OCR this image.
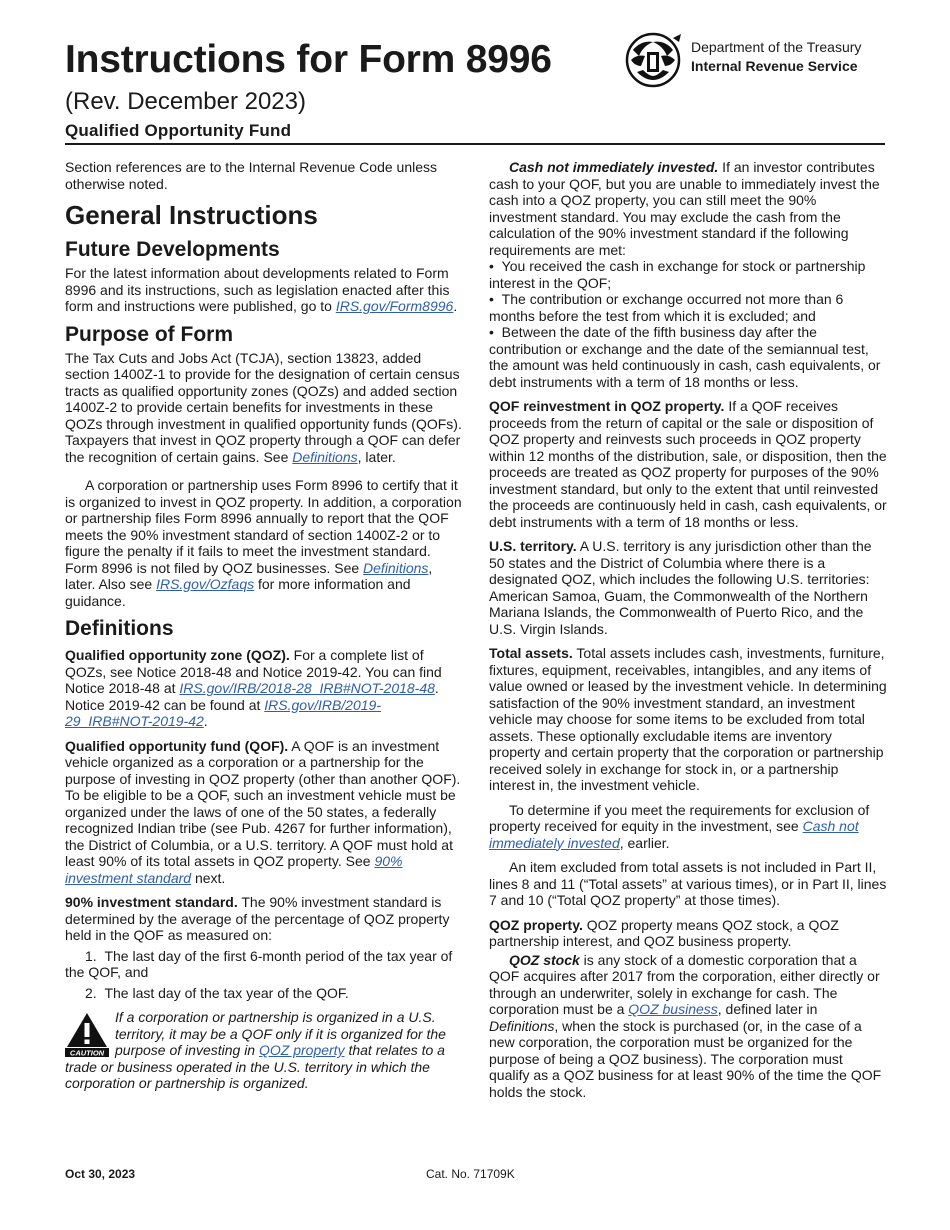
Instructions for Form 8996
(Rev. December 2023)
Qualified Opportunity Fund
Department of the Treasury
Internal Revenue Service

Section references are to the Internal Revenue Code unless otherwise noted.

General Instructions
Future Developments

For the latest information about developments related to Form 8996 and its instructions, such as legislation enacted after this form and instructions were published, go to IRS.gov/Form8996.

Purpose of Form

The Tax Cuts and Jobs Act (TCJA), section 13823, added section 1400Z-1 to provide for the designation of certain census tracts as qualified opportunity zones (QOZs) and added section 1400Z-2 to provide certain benefits for investments in these QOZs through investment in qualified opportunity funds (QOFs). Taxpayers that invest in QOZ property through a QOF can defer the recognition of certain gains. See Definitions, later.

A corporation or partnership uses Form 8996 to certify that it is organized to invest in QOZ property. In addition, a corporation or partnership files Form 8996 annually to report that the QOF meets the 90% investment standard of section 1400Z-2 or to figure the penalty if it fails to meet the investment standard. Form 8996 is not filed by QOZ businesses. See Definitions, later. Also see IRS.gov/Ozfaqs for more information and guidance.

Definitions

Qualified opportunity zone (QOZ). For a complete list of QOZs, see Notice 2018-48 and Notice 2019-42. You can find Notice 2018-48 at IRS.gov/IRB/2018-28_IRB#NOT-2018-48. Notice 2019-42 can be found at IRS.gov/IRB/2019-29_IRB#NOT-2019-42.

Qualified opportunity fund (QOF). A QOF is an investment vehicle organized as a corporation or a partnership for the purpose of investing in QOZ property (other than another QOF). To be eligible to be a QOF, such an investment vehicle must be organized under the laws of one of the 50 states, a federally recognized Indian tribe (see Pub. 4267 for further information), the District of Columbia, or a U.S. territory. A QOF must hold at least 90% of its total assets in QOZ property. See 90% investment standard next.

90% investment standard. The 90% investment standard is determined by the average of the percentage of QOZ property held in the QOF as measured on:

1.  The last day of the first 6-month period of the tax year of the QOF, and

2.  The last day of the tax year of the QOF.

CAUTION
If a corporation or partnership is organized in a U.S. territory, it may be a QOF only if it is organized for the purpose of investing in QOZ property that relates to a trade or business operated in the U.S. territory in which the corporation or partnership is organized.

Cash not immediately invested. If an investor contributes cash to your QOF, but you are unable to immediately invest the cash into a QOZ property, you can still meet the 90% investment standard. You may exclude the cash from the calculation of the 90% investment standard if the following requirements are met:

•  You received the cash in exchange for stock or partnership interest in the QOF;

•  The contribution or exchange occurred not more than 6 months before the test from which it is excluded; and

•  Between the date of the fifth business day after the contribution or exchange and the date of the semiannual test, the amount was held continuously in cash, cash equivalents, or debt instruments with a term of 18 months or less.

QOF reinvestment in QOZ property. If a QOF receives proceeds from the return of capital or the sale or disposition of QOZ property and reinvests such proceeds in QOZ property within 12 months of the distribution, sale, or disposition, then the proceeds are treated as QOZ property for purposes of the 90% investment standard, but only to the extent that until reinvested the proceeds are continuously held in cash, cash equivalents, or debt instruments with a term of 18 months or less.

U.S. territory. A U.S. territory is any jurisdiction other than the 50 states and the District of Columbia where there is a designated QOZ, which includes the following U.S. territories: American Samoa, Guam, the Commonwealth of the Northern Mariana Islands, the Commonwealth of Puerto Rico, and the U.S. Virgin Islands.

Total assets. Total assets includes cash, investments, furniture, fixtures, equipment, receivables, intangibles, and any items of value owned or leased by the investment vehicle. In determining satisfaction of the 90% investment standard, an investment vehicle may choose for some items to be excluded from total assets. These optionally excludable items are inventory property and certain property that the corporation or partnership received solely in exchange for stock in, or a partnership interest in, the investment vehicle.

To determine if you meet the requirements for exclusion of property received for equity in the investment, see Cash not immediately invested, earlier.

An item excluded from total assets is not included in Part II, lines 8 and 11 (“Total assets” at various times), or in Part II, lines 7 and 10 (“Total QOZ property” at those times).

QOZ property. QOZ property means QOZ stock, a QOZ partnership interest, and QOZ business property.

QOZ stock is any stock of a domestic corporation that a QOF acquires after 2017 from the corporation, either directly or through an underwriter, solely in exchange for cash. The corporation must be a QOZ business, defined later in Definitions, when the stock is purchased (or, in the case of a new corporation, the corporation must be organized for the purpose of being a QOZ business). The corporation must qualify as a QOZ business for at least 90% of the time the QOF holds the stock.

Oct 30, 2023	Cat. No. 71709K
